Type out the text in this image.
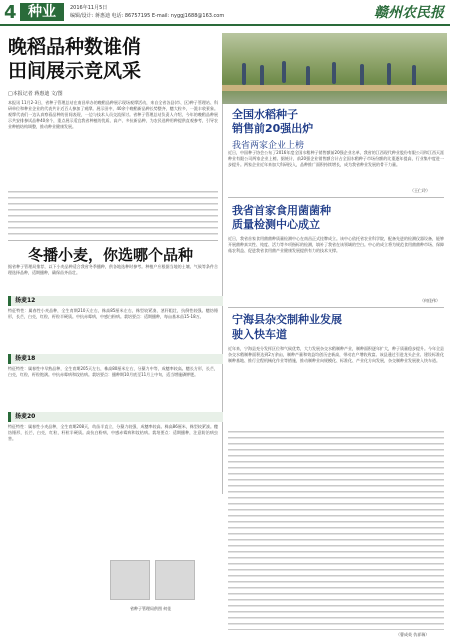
4 种业	2016年11月5日
编辑/设计: 蒋惠迪 电话: 86757195 E-mail: nyggj1688@163.com	赣州农民报
晚稻品种数谁俏
田间展示竞风采
□本报记者 蒋惠迪 文/图
本报讯 11月2-3日，省种子管理总站在南昌举办的晚稻品种展示现场观摩活动，来自全省各县(市、区)种子管理站、科研单位和种业企业的代表共计近百人参加了观摩。展示田中，40余个晚稻新品种长势整齐，穗大粒多，一派丰收景象。观摩代表们一边认真察看品种的田间表现，一边与技术人员交流探讨。省种子管理总站负责人介绍，今年的晚稻品种展示共安排参试品种40余个，重点展示适宜我省种植的优质、高产、多抗新品种，为农民选种用种提供直观参考，引导农业种植结构调整，推动种业健康发展。
全国水稻种子
销售前20强出炉
我省两家企业上榜
近日，中国种子协会公布了2016年度全国水稻种子销售额前20强企业名单，我省的江西现代种业股份有限公司和江西天涯种业有限公司两家企业上榜。据统计，前20强企业销售额合计占全国水稻种子市场份额的比重逐年提高，行业集中度进一步提升。两家企业近年来加大科研投入，品种推广面积持续增长，成为我省种业发展的骨干力量。
（王仁玲）
我省首家食用菌菌种
质量检测中心成立
近日，我省首家食用菌菌种质量检测中心在南昌正式挂牌成立。该中心依托省农业科学院，配备先进的检测仪器设备，能够开展菌种真实性、纯度、活力等多项指标的检测，填补了我省在该领域的空白。中心的成立将为规范食用菌菌种市场、保障菇农利益、促进我省食用菌产业健康发展提供有力的技术支撑。
（何佳伟）
宁海县杂交制种业发展
驶入快车道
近年来，宁海县充分发挥区位和气候优势，大力发展杂交水稻制种产业，制种面积逐年扩大，种子质量稳步提升。今年全县杂交水稻制种面积达到2万余亩，制种产量和效益均创历史新高，带动农户增收致富。该县通过引进龙头企业、建设标准化制种基地、推行全程机械化作业等措施，推动制种业向规模化、标准化、产业化方向发展，杂交制种业发展驶入快车道。
（曹成英 仇祥瑞）
冬播小麦，你选哪个品种
据省种子管理局推荐，以下小麦品种适合我省冬季播种，供各地选种时参考。种植户应根据当地的土壤、气候等条件合理选择品种，适期播种，确保苗齐苗壮。
扬麦12
特征特性：属春性小麦品种，全生育期210天左右，株高85厘米左右，株型较紧凑，茎秆粗壮，抗倒性较强。穗纺锤形，长芒，白壳，红粒，籽粒半硬质。中抗赤霉病，中感白粉病。栽培要点：适期播种，每亩基本苗15-18万。
扬麦18
特征特性：属春性中早熟品种，全生育期205天左右，株高80厘米左右，分蘖力中等，成穗率较高。穗长方形，长芒，白壳，红粒，籽粒饱满。中抗赤霉病和纹枯病。栽培要点：播种期10月底至11月上中旬，适当增施磷钾肥。
扬麦20
特征特性：属春性小麦品种，全生育期208天，幼苗半直立，分蘖力较强，成穗率较高。株高86厘米，株型较紧凑。穗纺锤形，长芒，白壳，红粒，籽粒半硬质。高抗白粉病，中感赤霉病和纹枯病。栽培要点：适期播种，注意防治病虫害。
省种子管理局供图 何佳
